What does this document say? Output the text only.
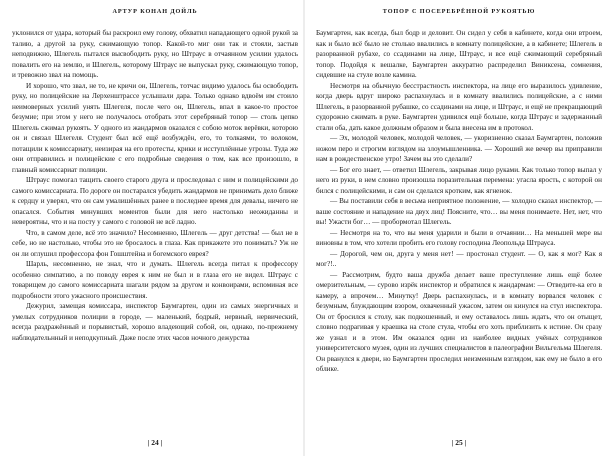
АРТУР КОНАН ДОЙЛЬ

уклонился от удара, который бы раскроил ему голову, обхватил нападающего одной рукой за талию, а другой за руку, сжимающую топор. Какой-то миг они так и стояли, застыв неподвижно, Шлегель пытался высвободить руку, но Штраус в отчаянном усилии удалось повалить его на землю, и Шлегель, которому Штраус не выпускал руку, сжимающую топор, и тревожно звал на помощь.

И хорошо, что звал, не то, не кричи он, Шлегель, тотчас видимо удалось бы освободить руку, но полицейские на Лерхенштрассе услышали дара. Только однако вдвоём им стоило неимоверных усилий унять Шлегеля, после чего он, Шлегель, впал в какое-то простое безумие; при этом у него не получалось отобрать этот серебряный топор — столь цепко Шлегель сжимал рукоять. У одного из жандармов оказался с собою моток верёвки, которою он и связал Шлегеля. Студент был всё ещё возбуждён, его, то толкаями, то волоком, потащили к комиссариату, неизирая на его протесты, крики и исступлённые угрозы. Туда же они отправились и полицейские с его подробные сведения о том, как все произошло, в главный комиссариат полиции.

Штраус помогал тащить своего старого друга и проследовал с ним и полицейскими до самого комиссариата. По дороге он постарался убедить жандармов не принимать дело ближе к сердцу и уверял, что он сам умалишённых ранее в последнее время для девалы, ничего не опасался. События минувших моментов были для него настолько неожиданны и невероятны, что и на посту у самого с головой не всё ладно.

Что, в самом деле, всё это значило? Несомненно, Шлегель — друг детства! — был не в себе, но не настолько, чтобы это не бросалось в глаза. Как прикажете это понимать? Уж не он ли оглушил профессора фон Гошштейна и богемского еврея?

Шарль, несомненно, не знал, что и думать. Шлегель всегда питал к профессору особенно симпатию, а по поводу еврея к ним не был и в глаза его не видел. Штраус с товарищем до самого комиссариата шагали рядом за другом и конвоирами, вспоминая все подробности этого ужасного происшествия.

Дежурил, замещая комиссара, инспектор Баумгартен, один из самых энергичных и умелых сотрудников полиции в городе, — маленький, бодрый, нервный, нервический, всегда раздражённый и порывистый, хорошо владеющий собой, он, однако, по-прежнему наблюдательнный и неподкупный. Даже после этих часов ночного дежурства

| 24 |
ТОПОР С ПОСЕРЕБРЁННОЙ РУКОЯТЬЮ

Баумгартен, как всегда, был бодр и деловит. Он сидел у себя в кабинете, когда они втроем, как и было всё было не столько ввалились в комнату полицейские, а в кабинете; Шлегель в разорванной рубахе, со ссадинами на лице, Штраус, и все ещё сжимающий серебряный топор. Подойдя к вешалке, Баумгартен аккуратно распределил Виниксена, сомнения, сидевшие на стуле возле камина.

Несмотря на обычную бесстрастность инспектора, на лице его выразилось удивление, когда дверь вдруг широко распахнулась и в комнату ввалились полицейские, а с ними Шлегель, в разорванной рубашке, со ссадинами на лице, и Штраус, и ещё не прекращающий судорожно сжимать в руке. Баумгартен удивился ещё больше, когда Штраус и задержанный стали оба, дать какое должным образом и была внесена им в протокол.

— Эх, молодой человек, молодой человек, — укоризненно сказал Баумгартен, положив ножом перо и строгим взглядом на злоумышленника. — Хороший же вечер вы приправили нам в рождественское утро! Зачем вы это сделали?

— Бог его знает, — ответил Шлегель, закрывая лицо руками. Как только топор выпал у него из руки, в нем словно произошла поразительная перемена: угасла ярость, с которой он бился с полицейскими, и сам он сделался кротким, как ягненок.

— Вы поставили себя в весьма неприятное положение, — холодно сказал инспектор, — ваше состояние и нападение на двух лиц! Поясните, что… вы меня понимаете. Нет, нет, что вы! Ужасти бог… — пробормотал Шлегель.

— Несмотря на то, что вы меня ударили и были в отчаянии… На меньшей мере вы виновны в том, что хотели пробить его голову господина Леопольда Штрауса.

— Дорогой, чем он, друга у меня нет! — простонал студент. — О, как я мог? Как я мог?!..

— Рассмотрим, будто ваша дружба делает ваше преступление лишь ещё более омерзительным, — сурово изрёк инспектор и обратился к жандармам: — Отведите-ка его в камеру, а впрочем… Минутку! Дверь распахнулась, и в комнату ворвался человек с безумным, блуждающим взором, охваченный ужасом, затем он кинулся на стул инспектора. Он от бросился к столу, как подкошенный, и ему оставалось лишь ждать, что он отыщет, словно подрагивая у краешка на столе стула, чтобы его хоть приблизить к истине. Он сразу же узнал и в этом. Им оказался один из наиболее видных учёных сотрудников университетского музея, один из лучших специалистов в палеографии Вильгельма Шлегеля. Он рванулся к двери, но Баумгартен проследил неизменным взглядом, как ему не было в его облике.

| 25 |
